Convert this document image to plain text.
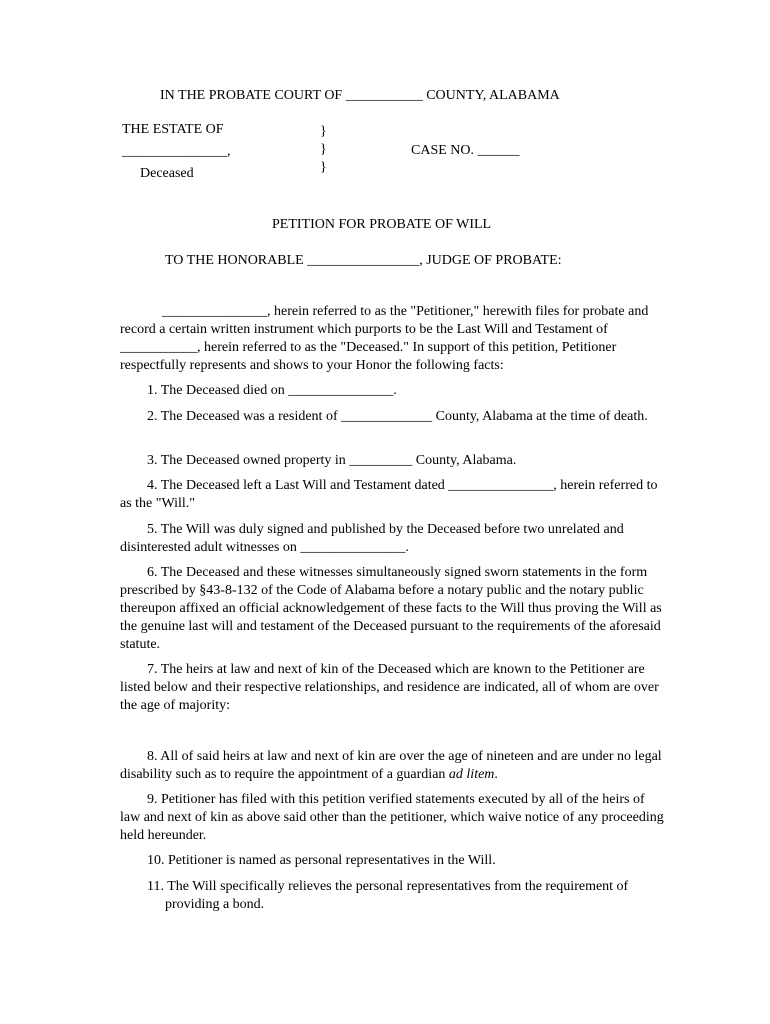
IN THE PROBATE COURT OF ___________ COUNTY, ALABAMA
THE ESTATE OF
_______________,
Deceased
}
}
}
CASE NO. ______
PETITION FOR PROBATE OF WILL
TO THE HONORABLE ________________, JUDGE OF PROBATE:

_______________, herein referred to as the "Petitioner," herewith files for probate and record a certain written instrument which purports to be the Last Will and Testament of ___________, herein referred to as the "Deceased." In support of this petition, Petitioner respectfully represents and shows to your Honor the following facts:

1. The Deceased died on _______________.
2. The Deceased was a resident of _____________ County, Alabama at the time of death.
3. The Deceased owned property in _________ County, Alabama.
4. The Deceased left a Last Will and Testament dated _______________, herein referred to as the "Will."
5. The Will was duly signed and published by the Deceased before two unrelated and disinterested adult witnesses on _______________.
6. The Deceased and these witnesses simultaneously signed sworn statements in the form prescribed by §43-8-132 of the Code of Alabama before a notary public and the notary public thereupon affixed an official acknowledgement of these facts to the Will thus proving the Will as the genuine last will and testament of the Deceased pursuant to the requirements of the aforesaid statute.
7. The heirs at law and next of kin of the Deceased which are known to the Petitioner are listed below and their respective relationships, and residence are indicated, all of whom are over the age of majority:
8. All of said heirs at law and next of kin are over the age of nineteen and are under no legal disability such as to require the appointment of a guardian ad litem.
9. Petitioner has filed with this petition verified statements executed by all of the heirs of law and next of kin as above said other than the petitioner, which waive notice of any proceeding held hereunder.
10. Petitioner is named as personal representatives in the Will.
11. The Will specifically relieves the personal representatives from the requirement of providing a bond.
